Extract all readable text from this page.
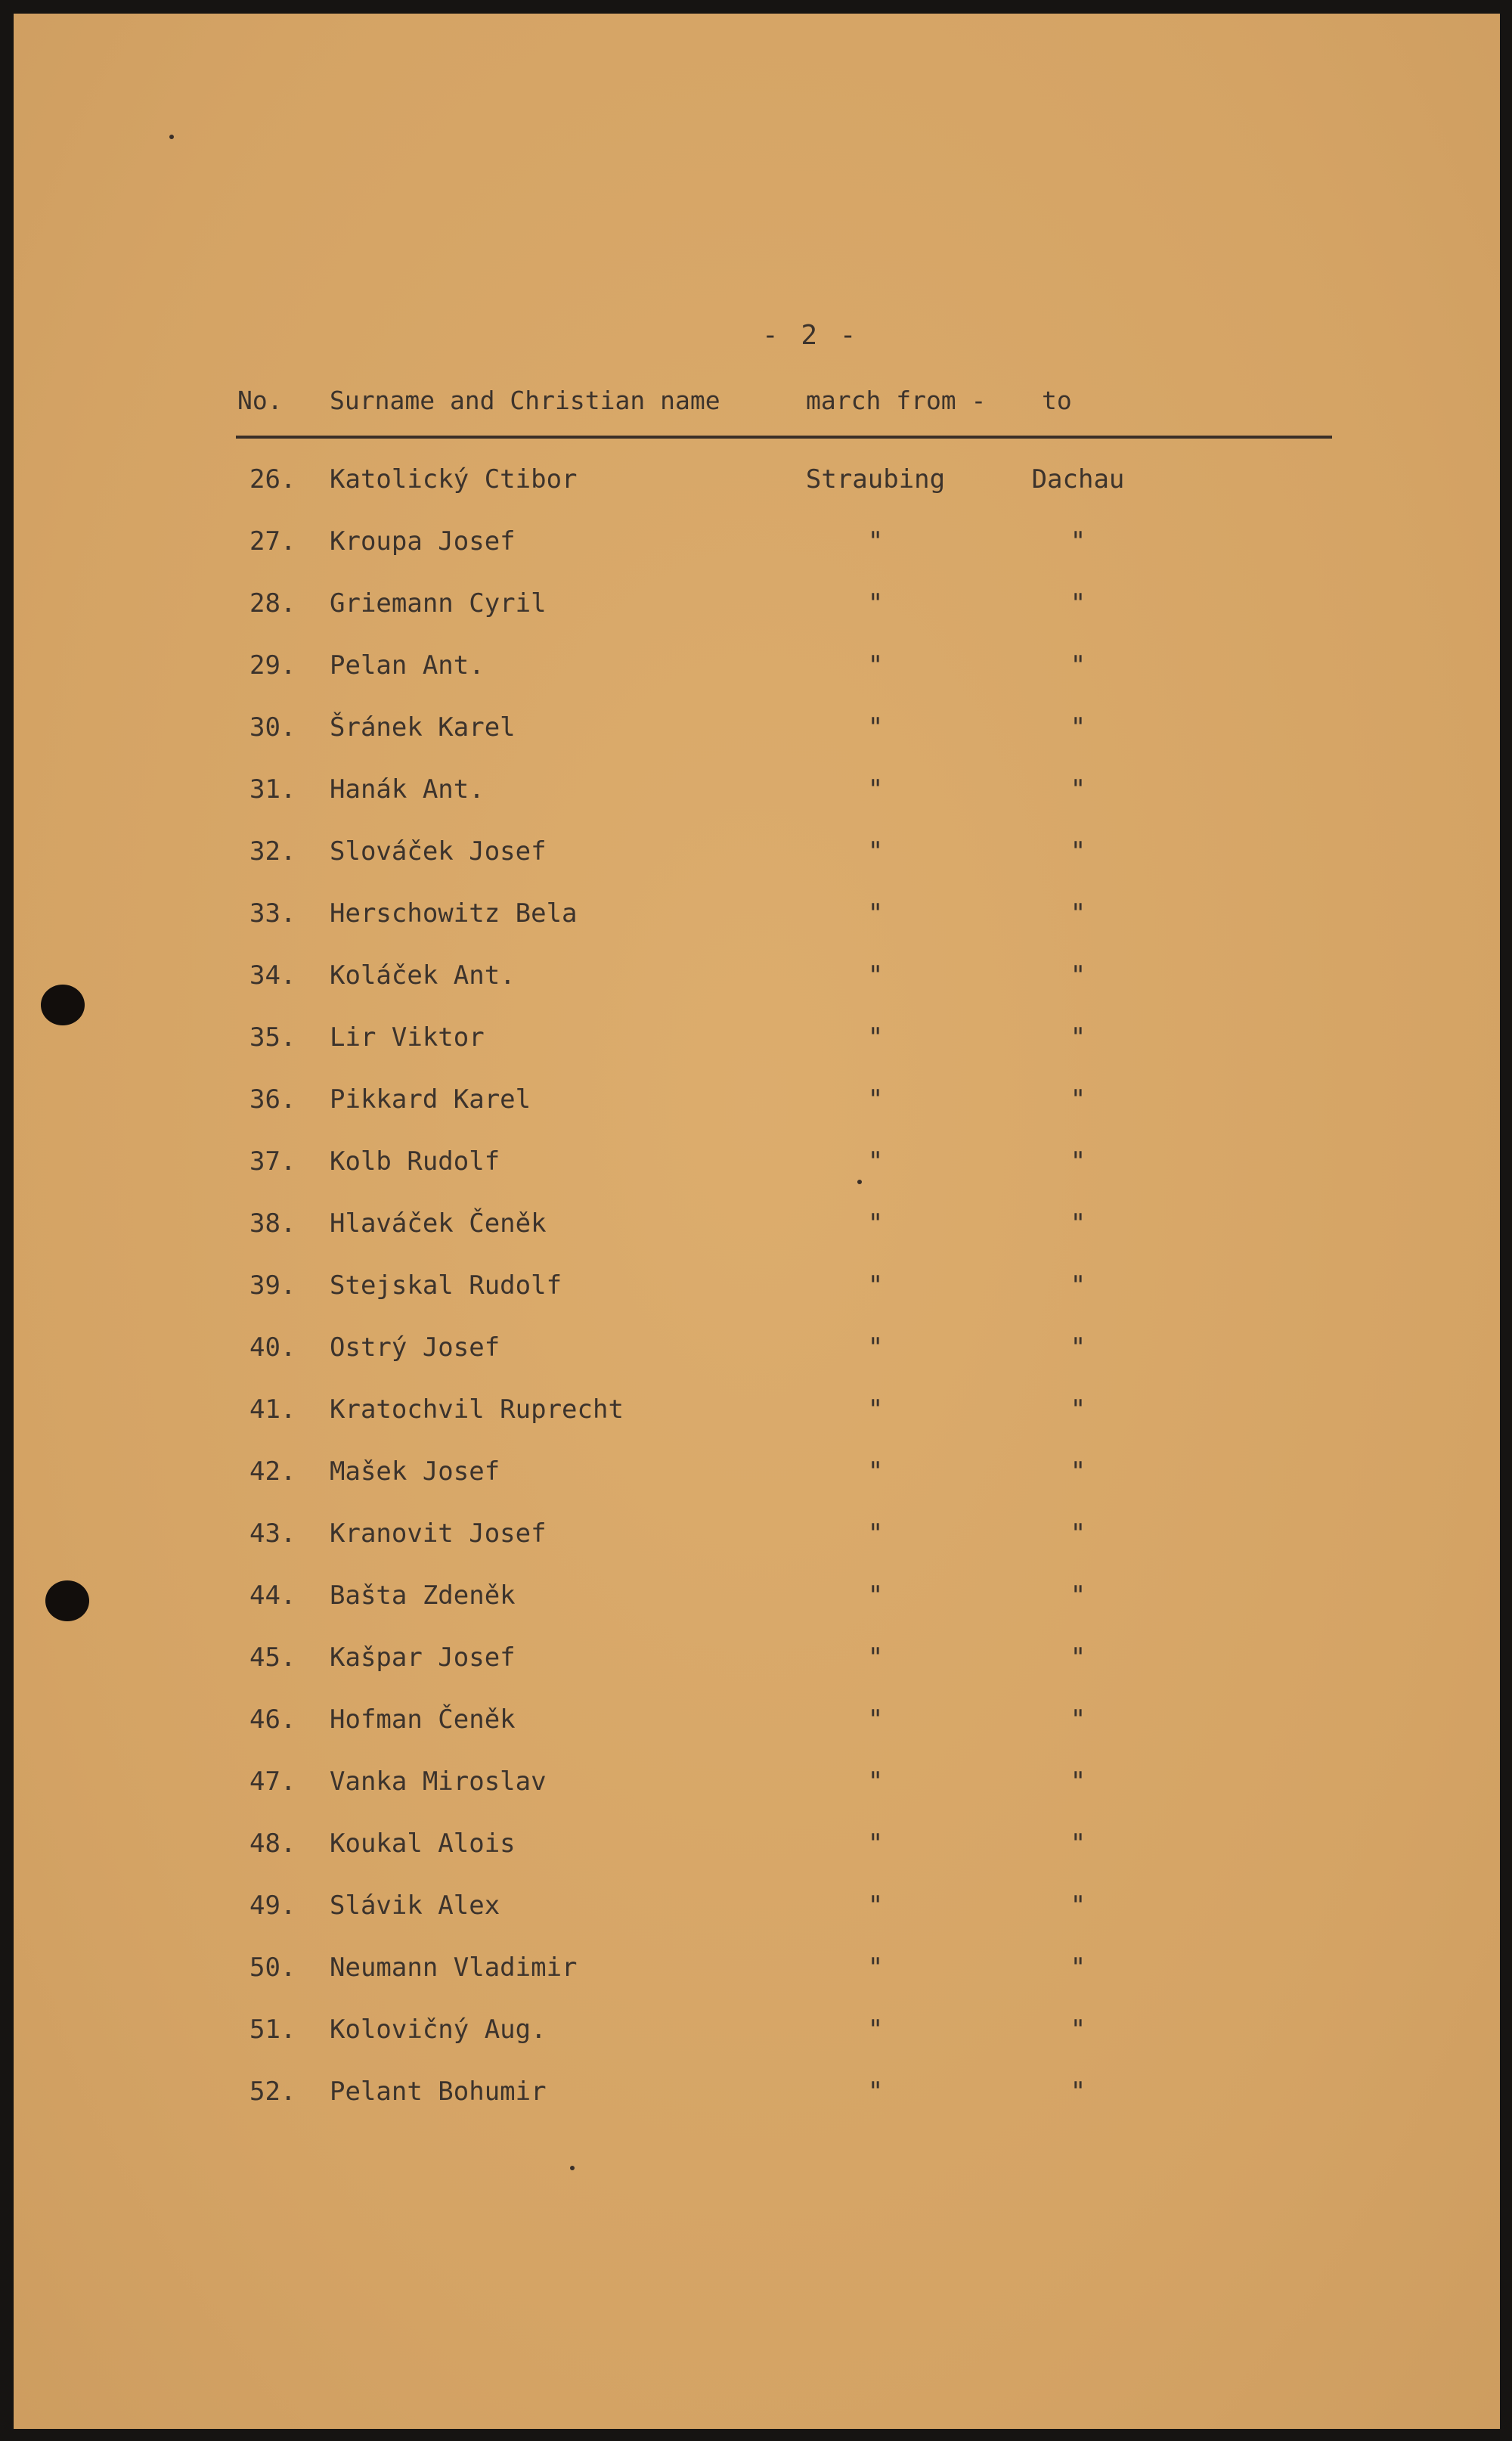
- 2 -
No. Surname and Christian name	march from - to
26. Katolický Ctibor	Straubing	Dachau
27. Kroupa Josef	"	"
28. Griemann Cyril	"	"
29. Pelan Ant.	"	"
30. Šránek Karel	"	"
31. Hanák Ant.	"	"
32. Slováček Josef	"	"
33. Herschowitz Bela	"	"
34. Koláček Ant.	"	"
35. Lir Viktor	"	"
36. Pikkard Karel	"	"
37. Kolb Rudolf	"	"
38. Hlaváček Čeněk	"	"
39. Stejskal Rudolf	"	"
40. Ostrý Josef	"	"
41. Kratochvil Ruprecht	"	"
42. Mašek Josef	"	"
43. Kranovit Josef	"	"
44. Bašta Zdeněk	"	"
45. Kašpar Josef	"	"
46. Hofman Čeněk	"	"
47. Vanka Miroslav	"	"
48. Koukal Alois	"	"
49. Slávik Alex	"	"
50. Neumann Vladimir	"	"
51. Kolovičný Aug.	"	"
52. Pelant Bohumir	"	"
